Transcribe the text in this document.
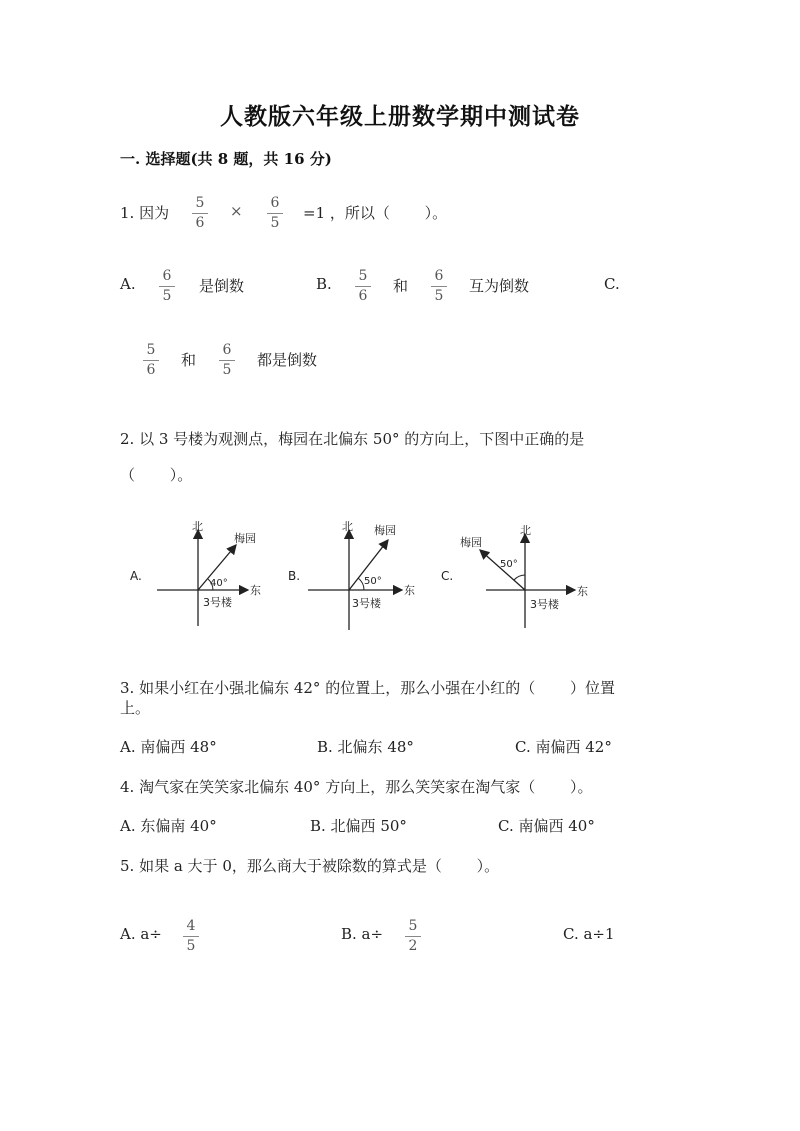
人教版六年级上册数学期中测试卷
一. 选择题(共 8 题，共 16 分)
1. 因为
5
6
×	6
5
=1 ，所以（　　 ）。
A.	6
5
是倒数	B.	5
6
和
6
5
互为倒数	C.
5
6
和
6
5
都是倒数
2. 以 3 号楼为观测点，梅园在北偏东 50° 的方向上，下图中正确的是
（　　 ）。
A.
北
东
梅园
3号楼
40°
B.
北
东
梅园
3号楼
50°	C.
北
东
梅园
3号楼
50°
3. 如果小红在小强北偏东 42° 的位置上，那么小强在小红的（　　 ）位置
上。
A. 南偏西 48°	B. 北偏东 48°	C. 南偏西 42°
4. 淘气家在笑笑家北偏东 40° 方向上，那么笑笑家在淘气家（　　 ）。
A. 东偏南 40°	B. 北偏西 50°	C. 南偏西 40°
5. 如果 a 大于 0，那么商大于被除数的算式是（　　 ）。
A. a÷	4
5
B. a÷	5
2
C. a÷1
